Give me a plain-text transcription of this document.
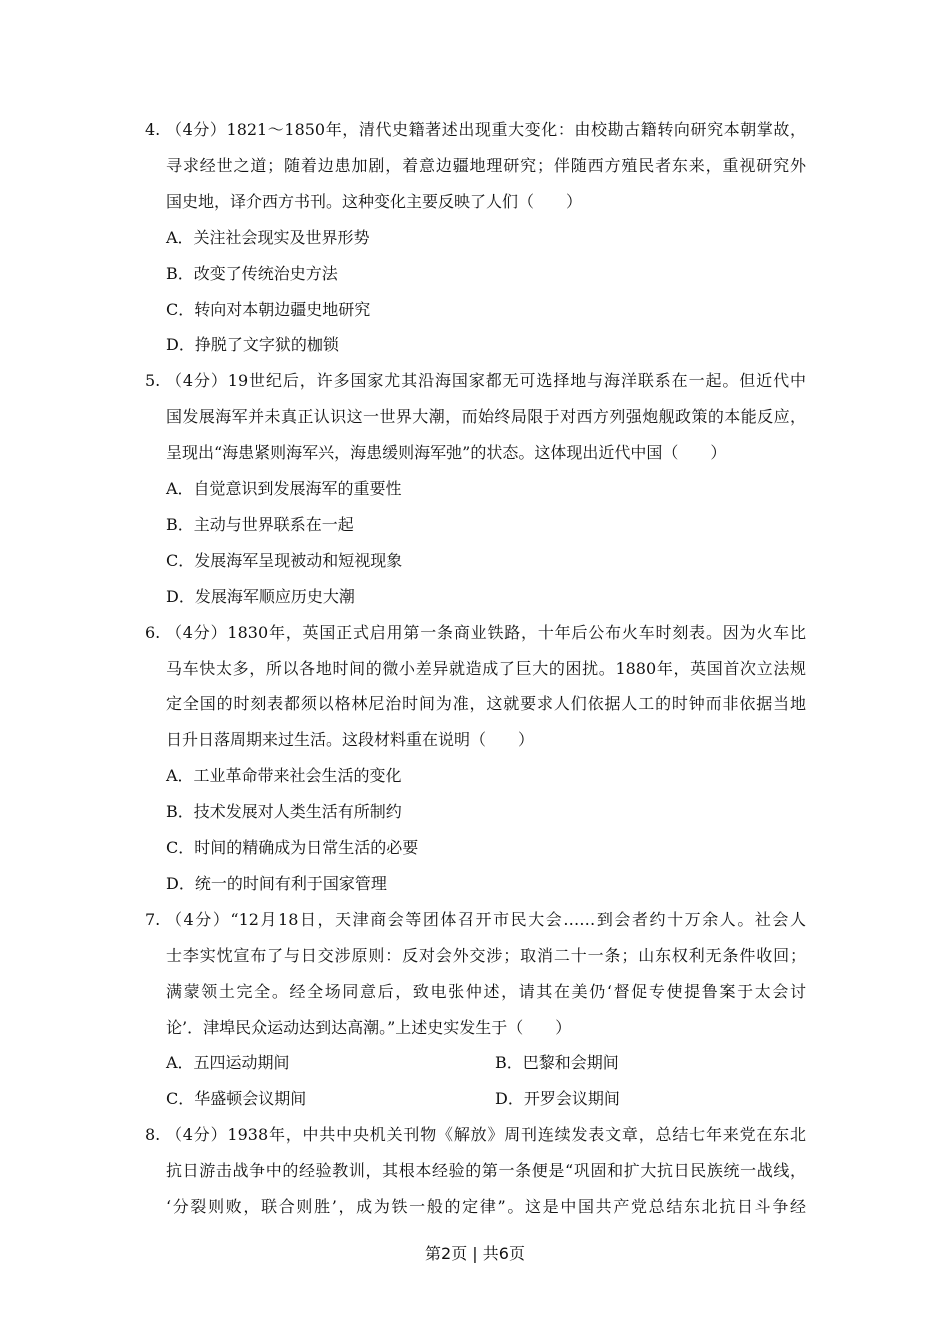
4. （4分）1821～1850年，清代史籍著述出现重大变化：由校勘古籍转向研究本朝掌故，
寻求经世之道；随着边患加剧，着意边疆地理研究；伴随西方殖民者东来，重视研究外
国史地，译介西方书刊。这种变化主要反映了人们（　　）
A．关注社会现实及世界形势
B．改变了传统治史方法
C．转向对本朝边疆史地研究
D．挣脱了文字狱的枷锁
5. （4分）19世纪后，许多国家尤其沿海国家都无可选择地与海洋联系在一起。但近代中
国发展海军并未真正认识这一世界大潮，而始终局限于对西方列强炮舰政策的本能反应，
呈现出“海患紧则海军兴，海患缓则海军弛”的状态。这体现出近代中国（　　）
A．自觉意识到发展海军的重要性
B．主动与世界联系在一起
C．发展海军呈现被动和短视现象
D．发展海军顺应历史大潮
6. （4分）1830年，英国正式启用第一条商业铁路，十年后公布火车时刻表。因为火车比
马车快太多，所以各地时间的微小差异就造成了巨大的困扰。1880年，英国首次立法规
定全国的时刻表都须以格林尼治时间为准，这就要求人们依据人工的时钟而非依据当地
日升日落周期来过生活。这段材料重在说明（　　）
A．工业革命带来社会生活的变化
B．技术发展对人类生活有所制约
C．时间的精确成为日常生活的必要
D．统一的时间有利于国家管理
7. （4分）“12月18日，天津商会等团体召开市民大会……到会者约十万余人。社会人
士李实忱宣布了与日交涉原则：反对会外交涉；取消二十一条；山东权利无条件收回；
满蒙领土完全。经全场同意后，致电张仲述，请其在美仍‘督促专使提鲁案于太会讨
论’．津埠民众运动达到达高潮。”上述史实发生于（　　）
A．五四运动期间	B．巴黎和会期间
C．华盛顿会议期间	D．开罗会议期间
8. （4分）1938年，中共中央机关刊物《解放》周刊连续发表文章，总结七年来党在东北
抗日游击战争中的经验教训，其根本经验的第一条便是“巩固和扩大抗日民族统一战线，
‘分裂则败，联合则胜’，成为铁一般的定律”。这是中国共产党总结东北抗日斗争经
第2页 | 共6页
